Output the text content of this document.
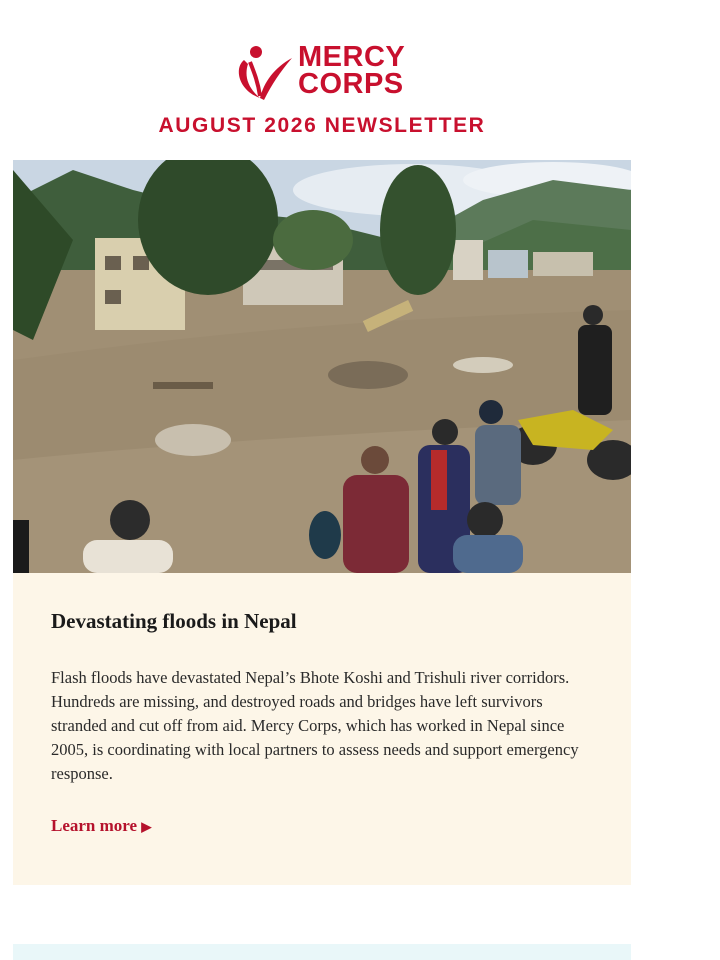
MERCY
CORPS
AUGUST 2026 NEWSLETTER
Devastating floods in Nepal

Flash floods have devastated Nepal’s Bhote Koshi and Trishuli river corridors. Hundreds are missing, and destroyed roads and bridges have left survivors stranded and cut off from aid. Mercy Corps, which has worked in Nepal since 2005, is coordinating with local partners to assess needs and support emergency response.

Learn more ▶
